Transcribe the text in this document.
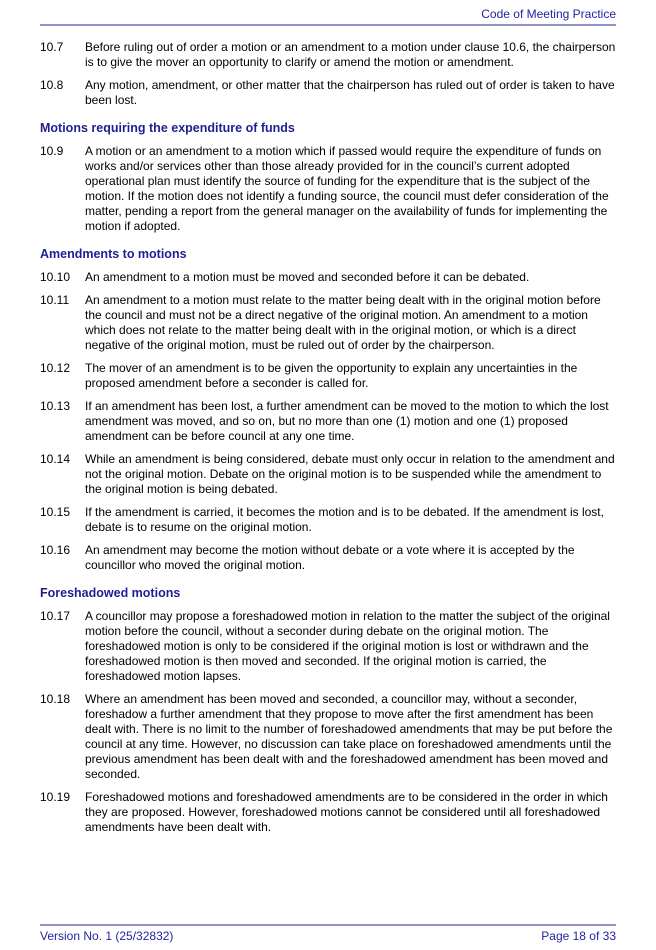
Code of Meeting Practice
10.7 Before ruling out of order a motion or an amendment to a motion under clause 10.6, the chairperson is to give the mover an opportunity to clarify or amend the motion or amendment.
10.8 Any motion, amendment, or other matter that the chairperson has ruled out of order is taken to have been lost.
Motions requiring the expenditure of funds
10.9 A motion or an amendment to a motion which if passed would require the expenditure of funds on works and/or services other than those already provided for in the council’s current adopted operational plan must identify the source of funding for the expenditure that is the subject of the motion. If the motion does not identify a funding source, the council must defer consideration of the matter, pending a report from the general manager on the availability of funds for implementing the motion if adopted.
Amendments to motions
10.10 An amendment to a motion must be moved and seconded before it can be debated.
10.11 An amendment to a motion must relate to the matter being dealt with in the original motion before the council and must not be a direct negative of the original motion. An amendment to a motion which does not relate to the matter being dealt with in the original motion, or which is a direct negative of the original motion, must be ruled out of order by the chairperson.
10.12 The mover of an amendment is to be given the opportunity to explain any uncertainties in the proposed amendment before a seconder is called for.
10.13 If an amendment has been lost, a further amendment can be moved to the motion to which the lost amendment was moved, and so on, but no more than one (1) motion and one (1) proposed amendment can be before council at any one time.
10.14 While an amendment is being considered, debate must only occur in relation to the amendment and not the original motion. Debate on the original motion is to be suspended while the amendment to the original motion is being debated.
10.15 If the amendment is carried, it becomes the motion and is to be debated. If the amendment is lost, debate is to resume on the original motion.
10.16 An amendment may become the motion without debate or a vote where it is accepted by the councillor who moved the original motion.
Foreshadowed motions
10.17 A councillor may propose a foreshadowed motion in relation to the matter the subject of the original motion before the council, without a seconder during debate on the original motion. The foreshadowed motion is only to be considered if the original motion is lost or withdrawn and the foreshadowed motion is then moved and seconded. If the original motion is carried, the foreshadowed motion lapses.
10.18 Where an amendment has been moved and seconded, a councillor may, without a seconder, foreshadow a further amendment that they propose to move after the first amendment has been dealt with. There is no limit to the number of foreshadowed amendments that may be put before the council at any time. However, no discussion can take place on foreshadowed amendments until the previous amendment has been dealt with and the foreshadowed amendment has been moved and seconded.
10.19 Foreshadowed motions and foreshadowed amendments are to be considered in the order in which they are proposed. However, foreshadowed motions cannot be considered until all foreshadowed amendments have been dealt with.
Version No. 1 (25/32832)	Page 18 of 33
